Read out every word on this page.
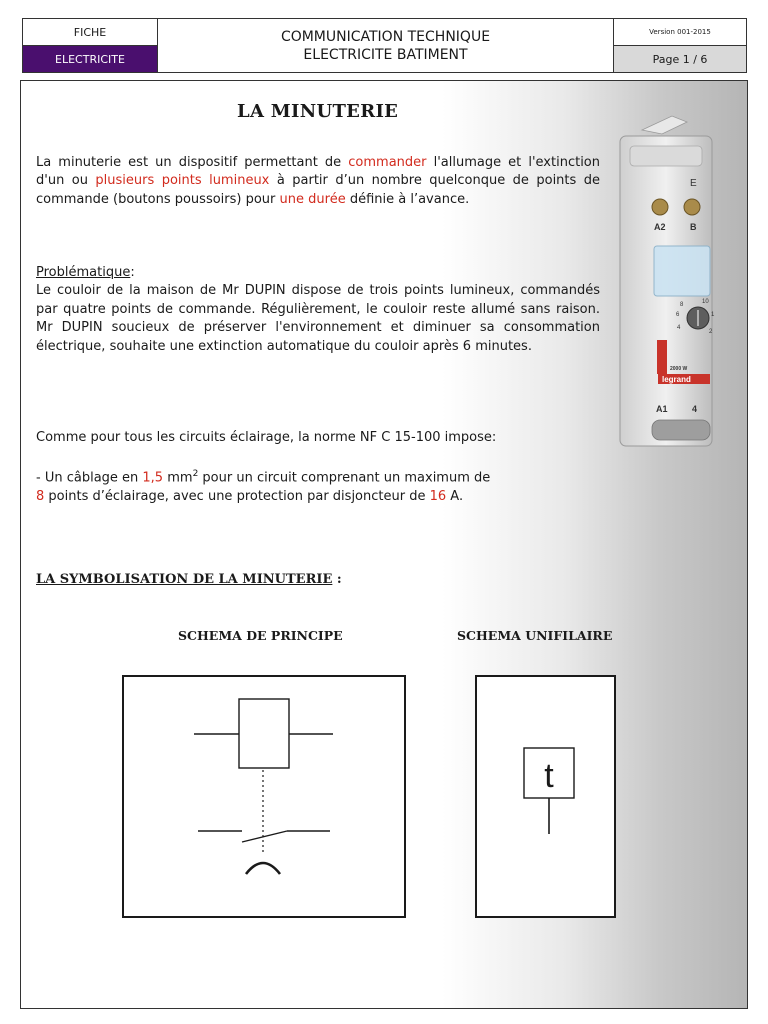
FICHE
ELECTRICITE
COMMUNICATION TECHNIQUE
ELECTRICITE BATIMENT
Version 001-2015
Page 1 / 6
LA MINUTERIE
La minuterie est un dispositif permettant de commander l'allumage et l'extinction d'un ou plusieurs points lumineux à partir d’un nombre quelconque de points de commande (boutons poussoirs) pour une durée définie à l’avance.
Problématique:
Le couloir de la maison de Mr DUPIN dispose de trois points lumineux, commandés par quatre points de commande. Régulièrement, le couloir reste allumé sans raison. Mr DUPIN soucieux de préserver l'environnement et diminuer sa consommation électrique, souhaite une extinction automatique du couloir après 6 minutes.
Comme pour tous les circuits éclairage, la norme NF C 15-100 impose:
- Un câblage en 1,5 $mm^2$ pour un circuit comprenant un maximum de
8 points d’éclairage, avec une protection par disjoncteur de 16 A.
LA SYMBOLISATION DE LA MINUTERIE :
SCHEMA DE PRINCIPE	SCHEMA UNIFILAIRE
t
E
A2	B
8	10
6	1
4
2
2000 W
legrand
A1	4
